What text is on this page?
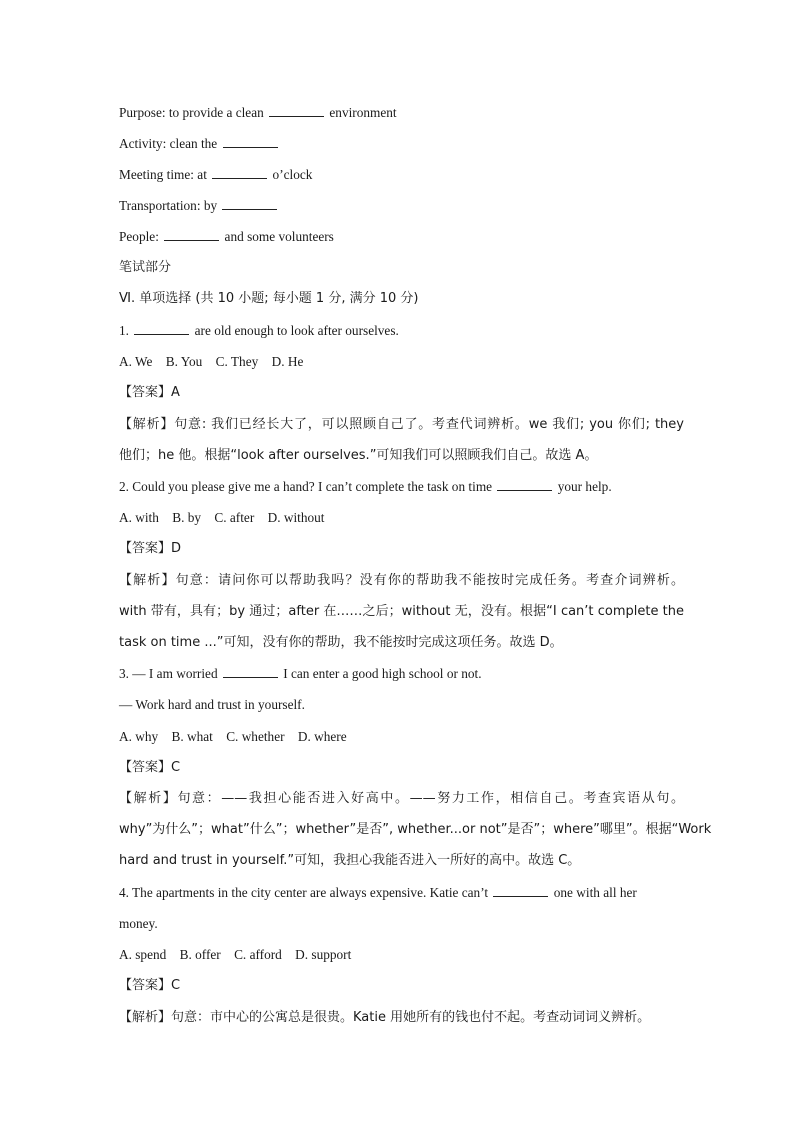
Purpose: to provide a clean	environment
Activity: clean the
Meeting time: at	o’clock
Transportation: by
People:	and some volunteers
笔试部分
Ⅵ. 单项选择 (共 10 小题; 每小题 1 分, 满分 10 分)
1.	are old enough to look after ourselves.
A. We B. You C. They D. He
【答案】A
【解析】句意: 我们已经长大了，可以照顾自己了。考查代词辨析。we 我们; you 你们; they
他们；he 他。根据“look after ourselves.”可知我们可以照顾我们自己。故选 A。
2. Could you please give me a hand? I can’t complete the task on time	your help.
A. with B. by C. after D. without
【答案】D
【解析】句意：请问你可以帮助我吗？没有你的帮助我不能按时完成任务。考查介词辨析。
with 带有，具有；by 通过；after 在……之后；without 无，没有。根据“I can’t complete the
task on time ...”可知，没有你的帮助，我不能按时完成这项任务。故选 D。
3. — I am worried	I can enter a good high school or not.
— Work hard and trust in yourself.
A. why B. what C. whether D. where
【答案】C
【解析】句意：——我担心能否进入好高中。——努力工作，相信自己。考查宾语从句。
why”为什么”；what”什么”；whether”是否”, whether...or not”是否”；where”哪里”。根据“Work
hard and trust in yourself.”可知，我担心我能否进入一所好的高中。故选 C。
4. The apartments in the city center are always expensive. Katie can’t	one with all her
money.
A. spend B. offer C. afford D. support
【答案】C
【解析】句意：市中心的公寓总是很贵。Katie 用她所有的钱也付不起。考查动词词义辨析。
